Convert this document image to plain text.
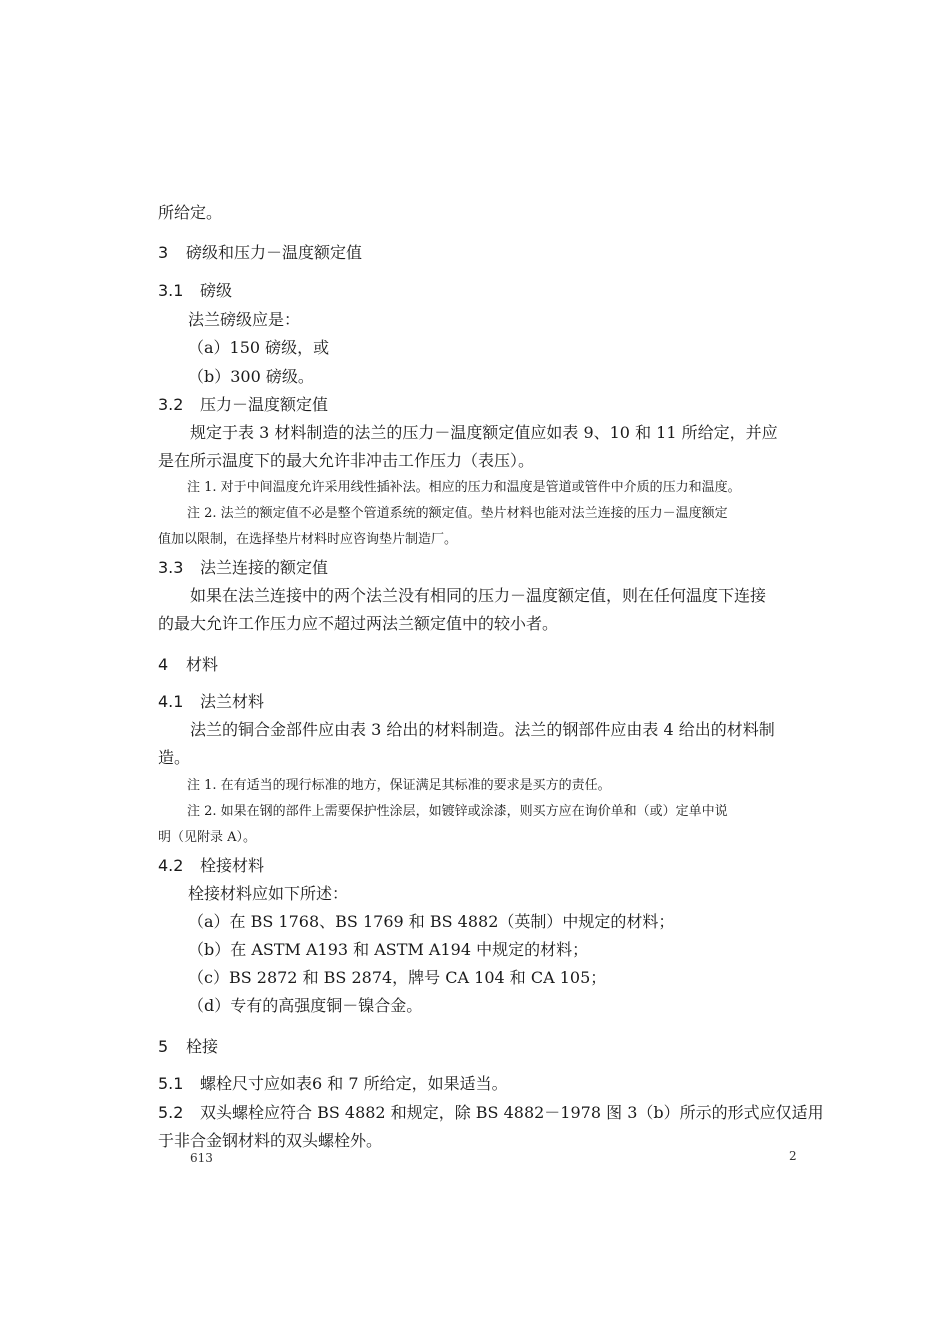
所给定。
3 磅级和压力－温度额定值
3.1 磅级
法兰磅级应是：
（a）150 磅级，或
（b）300 磅级。
3.2 压力－温度额定值
规定于表 3 材料制造的法兰的压力－温度额定值应如表 9、10 和 11 所给定，并应
是在所示温度下的最大允许非冲击工作压力（表压）。
注 1. 对于中间温度允许采用线性插补法。相应的压力和温度是管道或管件中介质的压力和温度。
注 2. 法兰的额定值不必是整个管道系统的额定值。垫片材料也能对法兰连接的压力－温度额定
值加以限制，在选择垫片材料时应咨询垫片制造厂。
3.3 法兰连接的额定值
如果在法兰连接中的两个法兰没有相同的压力－温度额定值，则在任何温度下连接
的最大允许工作压力应不超过两法兰额定值中的较小者。
4 材料
4.1 法兰材料
法兰的铜合金部件应由表 3 给出的材料制造。法兰的钢部件应由表 4 给出的材料制
造。
注 1. 在有适当的现行标准的地方，保证满足其标准的要求是买方的责任。
注 2. 如果在钢的部件上需要保护性涂层，如镀锌或涂漆，则买方应在询价单和（或）定单中说
明（见附录 A）。
4.2 栓接材料
栓接材料应如下所述：
（a）在 BS 1768、BS 1769 和 BS 4882（英制）中规定的材料；
（b）在 ASTM A193 和 ASTM A194 中规定的材料；
（c）BS 2872 和 BS 2874，牌号 CA 104 和 CA 105；
（d）专有的高强度铜－镍合金。
5 栓接
5.1 螺栓尺寸应如表6 和 7 所给定，如果适当。
5.2 双头螺栓应符合 BS 4882 和规定，除 BS 4882－1978 图 3（b）所示的形式应仅适用
于非合金钢材料的双头螺栓外。
2
613
